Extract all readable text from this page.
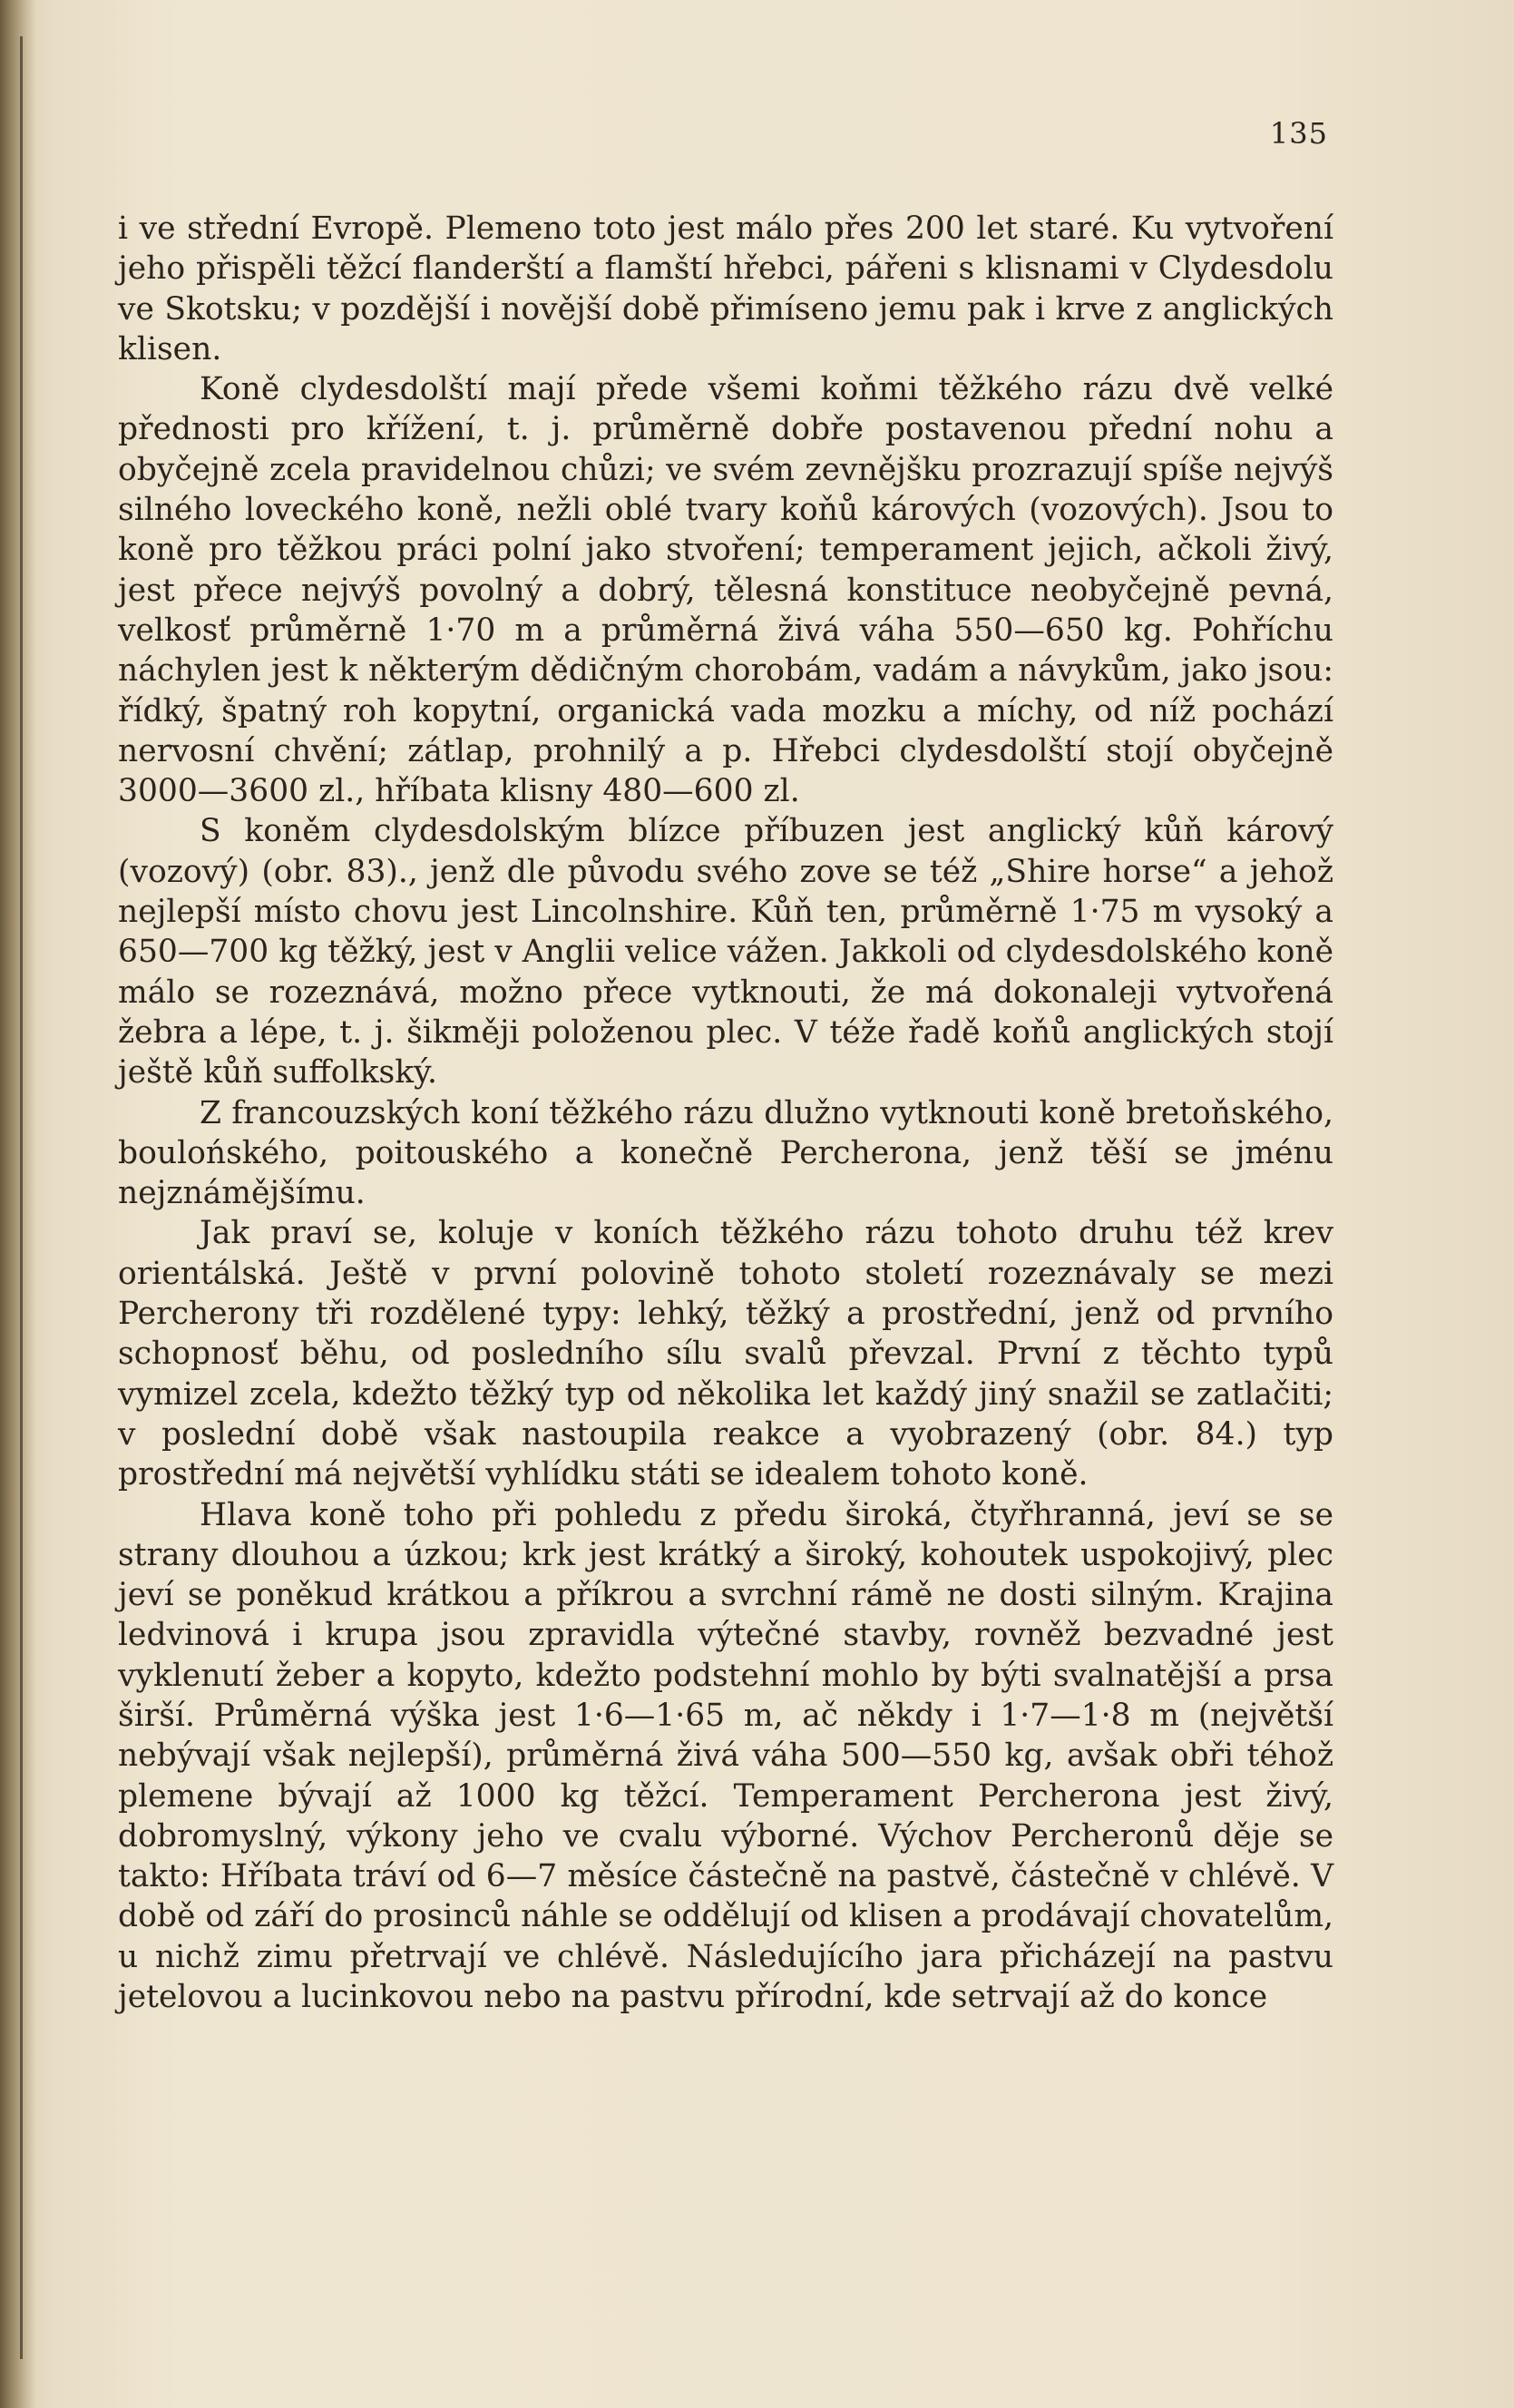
135

i ve střední Evropě. Plemeno toto jest málo přes 200 let staré. Ku vytvoření jeho přispěli těžcí flanderští a flamští hřebci, pářeni s klisnami v Clydesdolu ve Skotsku; v pozdější i novější době přimíseno jemu pak i krve z anglických klisen.

Koně clydesdolští mají přede všemi koňmi těžkého rázu dvě velké přednosti pro křížení, t. j. průměrně dobře postavenou přední nohu a obyčejně zcela pravidelnou chůzi; ve svém zevnějšku prozrazují spíše nejvýš silného loveckého koně, nežli oblé tvary koňů kárových (vozových). Jsou to koně pro těžkou práci polní jako stvoření; temperament jejich, ačkoli živý, jest přece nejvýš povolný a dobrý, tělesná konstituce neobyčejně pevná, velkosť průměrně 1·70 m a průměrná živá váha 550—650 kg. Pohříchu náchylen jest k některým dědičným chorobám, vadám a návykům, jako jsou: řídký, špatný roh kopytní, organická vada mozku a míchy, od níž pochází nervosní chvění; zátlap, prohnilý a p. Hřebci clydesdolští stojí obyčejně 3000—3600 zl., hříbata klisny 480—600 zl.

S koněm clydesdolským blízce příbuzen jest anglický kůň kárový (vozový) (obr. 83)., jenž dle původu svého zove se též „Shire horse“ a jehož nejlepší místo chovu jest Lincolnshire. Kůň ten, průměrně 1·75 m vysoký a 650—700 kg těžký, jest v Anglii velice vážen. Jakkoli od clydesdolského koně málo se rozeznává, možno přece vytknouti, že má dokonaleji vytvořená žebra a lépe, t. j. šikměji položenou plec. V téže řadě koňů anglických stojí ještě kůň suffolkský.

Z francouzských koní těžkého rázu dlužno vytknouti koně bretoňského, boulońského, poitouského a konečně Percherona, jenž těší se jménu nejznámějšímu.

Jak praví se, koluje v koních těžkého rázu tohoto druhu též krev orientálská. Ještě v první polovině tohoto století rozeznávaly se mezi Percherony tři rozdělené typy: lehký, těžký a prostřední, jenž od prvního schopnosť běhu, od posledního sílu svalů převzal. První z těchto typů vymizel zcela, kdežto těžký typ od několika let každý jiný snažil se zatlačiti; v poslední době však nastoupila reakce a vyobrazený (obr. 84.) typ prostřední má největší vyhlídku státi se idealem tohoto koně.

Hlava koně toho při pohledu z předu široká, čtyřhranná, jeví se se strany dlouhou a úzkou; krk jest krátký a široký, kohoutek uspokojivý, plec jeví se poněkud krátkou a příkrou a svrchní rámě ne dosti silným. Krajina ledvinová i krupa jsou zpravidla výtečné stavby, rovněž bezvadné jest vyklenutí žeber a kopyto, kdežto podstehní mohlo by býti svalnatější a prsa širší. Průměrná výška jest 1·6—1·65 m, ač někdy i 1·7—1·8 m (největší nebývají však nejlepší), průměrná živá váha 500—550 kg, avšak obři téhož plemene bývají až 1000 kg těžcí. Temperament Percherona jest živý, dobromyslný, výkony jeho ve cvalu výborné. Výchov Percheronů děje se takto: Hříbata tráví od 6—7 měsíce částečně na pastvě, částečně v chlévě. V době od září do prosinců náhle se oddělují od klisen a prodávají chovatelům, u nichž zimu přetrvají ve chlévě. Následujícího jara přicházejí na pastvu jetelovou a lucinkovou nebo na pastvu přírodní, kde setrvají až do konce
